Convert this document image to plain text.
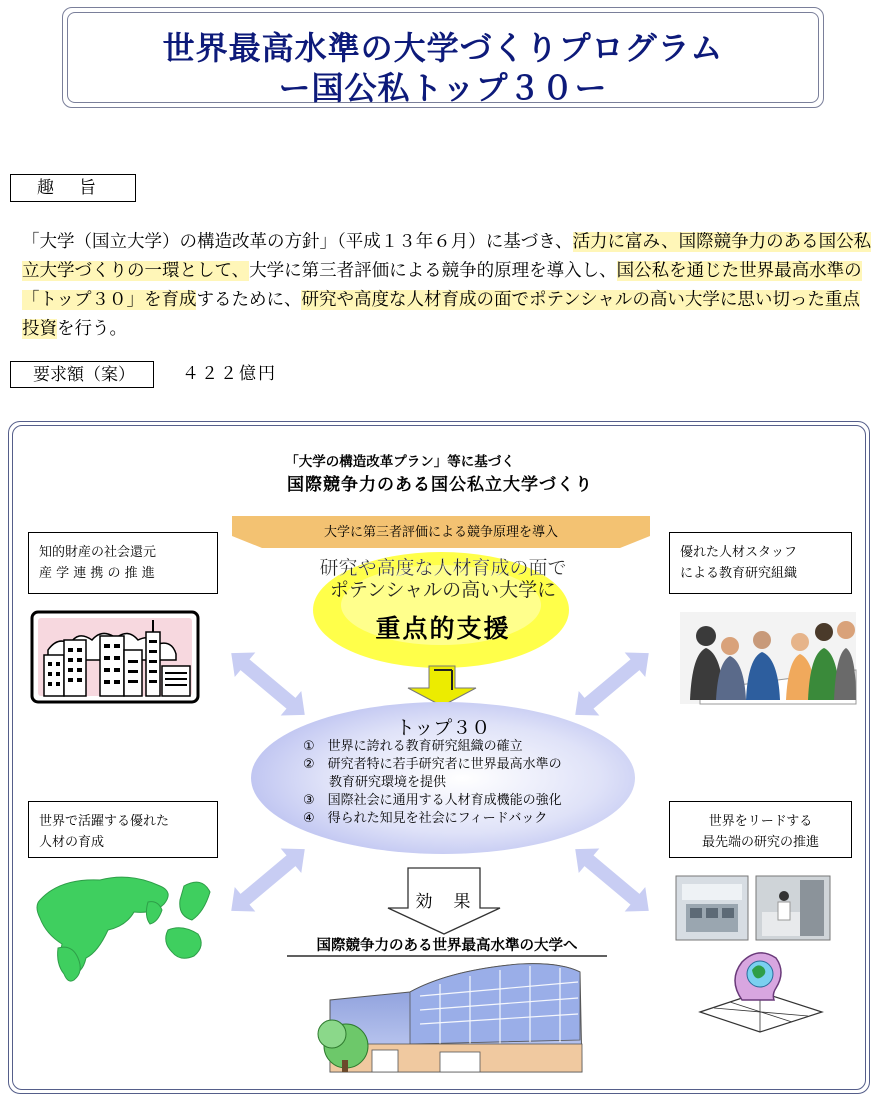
世界最高水準の大学づくりプログラム
ー国公私トップ３０ー
趣　旨
「大学（国立大学）の構造改革の方針」（平成１３年６月）に基づき、活力に富み、国際競争力のある国公私立大学づくりの一環として、大学に第三者評価による競争的原理を導入し、国公私を通じた世界最高水準の「トップ３０」を育成するために、研究や高度な人材育成の面でポテンシャルの高い大学に思い切った重点投資を行う。
要求額（案）	４２２億円
「大学の構造改革プラン」等に基づく
国際競争力のある国公私立大学づくり
大学に第三者評価による競争原理を導入
研究や高度な人材育成の面で
ポテンシャルの高い大学に
重点的支援
トップ３０
①　世界に誇れる教育研究組織の確立
②　研究者特に若手研究者に世界最高水準の
　　教育研究環境を提供
③　国際社会に通用する人材育成機能の強化
④　得られた知見を社会にフィードバック
効　果
国際競争力のある世界最高水準の大学へ
知的財産の社会還元
産 学 連 携 の 推 進
優れた人材スタッフ
による教育研究組織
世界で活躍する優れた
人材の育成
世界をリードする
最先端の研究の推進
